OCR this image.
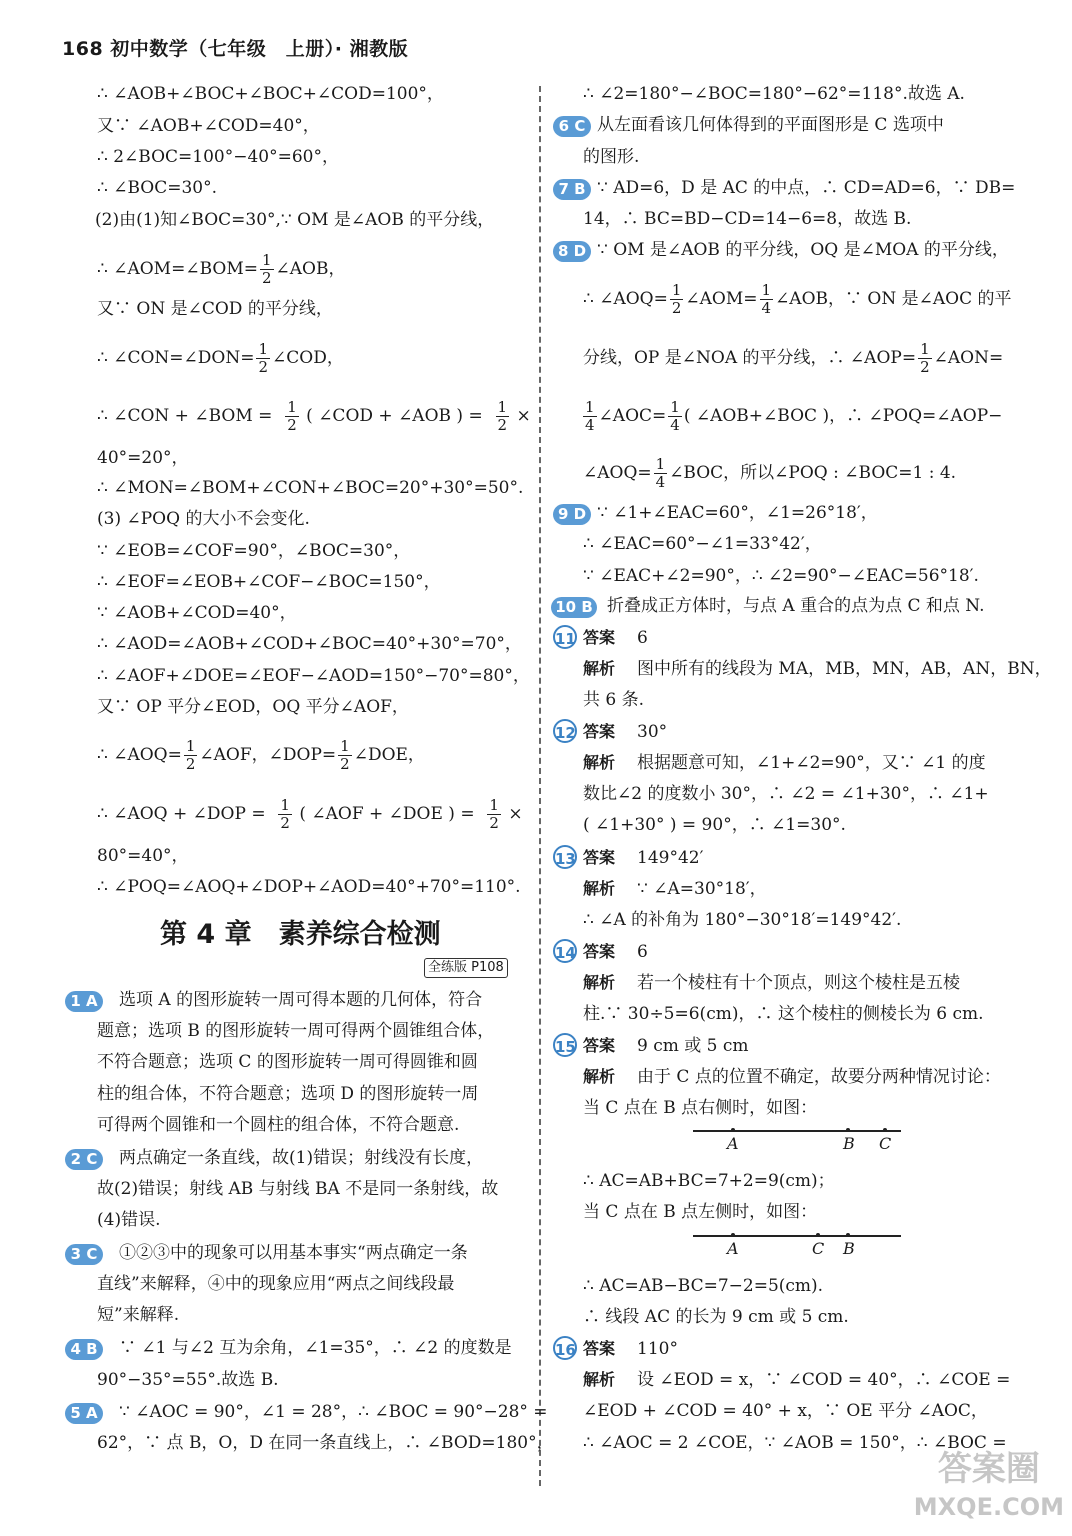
168 初中数学（七年级　上册）· 湘教版
∴ ∠AOB+∠BOC+∠BOC+∠COD=100°，
又∵ ∠AOB+∠COD=40°，
∴ 2∠BOC=100°−40°=60°，
∴ ∠BOC=30°.
(2)由(1)知∠BOC=30°,∵ OM 是∠AOB 的平分线，
∴ ∠AOM=∠BOM= $\frac{1}{2}$ ∠AOB，
又∵ ON 是∠COD 的平分线，
∴ ∠CON=∠DON= $\frac{1}{2}$ ∠COD，
∴ ∠CON + ∠BOM = $\frac{1}{2}$ ( ∠COD + ∠AOB ) = $\frac{1}{2}$ ×
40°=20°，
∴ ∠MON=∠BOM+∠CON+∠BOC=20°+30°=50°.
(3) ∠POQ 的大小不会变化.
∵ ∠EOB=∠COF=90°，∠BOC=30°，
∴ ∠EOF=∠EOB+∠COF−∠BOC=150°，
∵ ∠AOB+∠COD=40°，
∴ ∠AOD=∠AOB+∠COD+∠BOC=40°+30°=70°，
∴ ∠AOF+∠DOE=∠EOF−∠AOD=150°−70°=80°，
又∵ OP 平分∠EOD，OQ 平分∠AOF，
∴ ∠AOQ= $\frac{1}{2}$ ∠AOF，∠DOP= $\frac{1}{2}$ ∠DOE，
∴ ∠AOQ + ∠DOP = $\frac{1}{2}$ ( ∠AOF + ∠DOE ) = $\frac{1}{2}$ ×
80°=40°，
∴ ∠POQ=∠AOQ+∠DOP+∠AOD=40°+70°=110°.
第 4 章　素养综合检测
全练版 P108
1 A	选项 A 的图形旋转一周可得本题的几何体，符合
题意；选项 B 的图形旋转一周可得两个圆锥组合体，
不符合题意；选项 C 的图形旋转一周可得圆锥和圆
柱的组合体，不符合题意；选项 D 的图形旋转一周
可得两个圆锥和一个圆柱的组合体，不符合题意.
2 C	两点确定一条直线，故(1)错误；射线没有长度，
故(2)错误；射线 AB 与射线 BA 不是同一条射线，故
(4)错误.
3 C	①②③中的现象可以用基本事实“两点确定一条
直线”来解释，④中的现象应用“两点之间线段最
短”来解释.
4 B	∵ ∠1 与∠2 互为余角，∠1=35°，∴ ∠2 的度数是
90°−35°=55°.故选 B.
5 A	∵ ∠AOC = 90°，∠1 = 28°，∴ ∠BOC = 90°−28° =
62°，∵ 点 B，O，D 在同一条直线上，∴ ∠BOD=180°，
∴ ∠2=180°−∠BOC=180°−62°=118°.故选 A.
6 C 从左面看该几何体得到的平面图形是 C 选项中
的图形.
7 B ∵ AD=6，D 是 AC 的中点，∴ CD=AD=6，∵ DB=
14，∴ BC=BD−CD=14−6=8，故选 B.
8 D ∵ OM 是∠AOB 的平分线，OQ 是∠MOA 的平分线，
∴ ∠AOQ= $\frac{1}{2}$ ∠AOM= $\frac{1}{4}$ ∠AOB，∵ ON 是∠AOC 的平
分线，OP 是∠NOA 的平分线，∴ ∠AOP= $\frac{1}{2}$ ∠AON=
$\frac{1}{4}$ ∠AOC= $\frac{1}{4}$ ( ∠AOB+∠BOC )，∴ ∠POQ=∠AOP−
∠AOQ= $\frac{1}{4}$ ∠BOC，所以∠POQ : ∠BOC=1 : 4.
9 D ∵ ∠1+∠EAC=60°，∠1=26°18′，
∴ ∠EAC=60°−∠1=33°42′，
∵ ∠EAC+∠2=90°，∴ ∠2=90°−∠EAC=56°18′.
10 B 折叠成正方体时，与点 A 重合的点为点 C 和点 N.
11 答案 6
解析 图中所有的线段为 MA，MB，MN，AB，AN，BN，
共 6 条.
12 答案 30°
解析 根据题意可知，∠1+∠2=90°，又∵ ∠1 的度
数比∠2 的度数小 30°，∴ ∠2 = ∠1+30°，∴ ∠1+
( ∠1+30° ) = 90°，∴ ∠1=30°.
13 答案 149°42′
解析 ∵ ∠A=30°18′，
∴ ∠A 的补角为 180°−30°18′=149°42′.
14 答案 6
解析 若一个棱柱有十个顶点，则这个棱柱是五棱
柱.∵ 30÷5=6(cm)，∴ 这个棱柱的侧棱长为 6 cm.
15 答案 9 cm 或 5 cm
解析 由于 C 点的位置不确定，故要分两种情况讨论：
当 C 点在 B 点右侧时，如图：
A	B C
∴ AC=AB+BC=7+2=9(cm)；
当 C 点在 B 点左侧时，如图：
A	C B
∴ AC=AB−BC=7−2=5(cm).
∴ 线段 AC 的长为 9 cm 或 5 cm.
16 答案 110°
解析 设 ∠EOD = x，∵ ∠COD = 40°，∴ ∠COE =
∠EOD + ∠COD = 40° + x，∵ OE 平分 ∠AOC，
∴ ∠AOC = 2 ∠COE，∵ ∠AOB = 150°，∴ ∠BOC =
答案圈
MXQE.COM
